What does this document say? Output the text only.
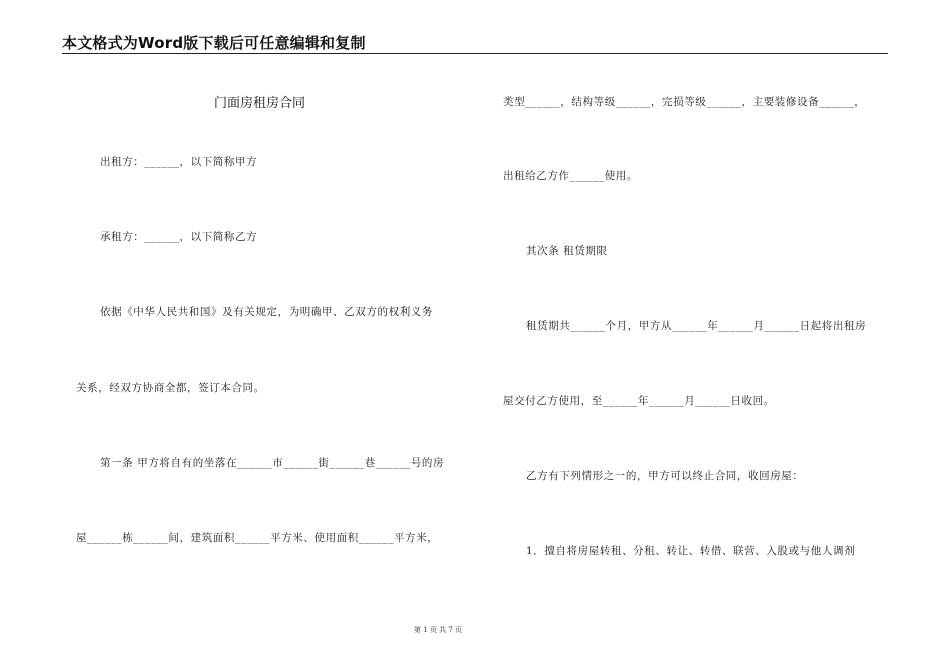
本文格式为Word版下载后可任意编辑和复制
门面房租房合同
出租方：______，以下简称甲方
承租方：______，以下简称乙方
依据《中华人民共和国》及有关规定，为明确甲、乙双方的权利义务
关系，经双方协商全都，签订本合同。
第一条 甲方将自有的坐落在______市______街______巷______号的房
屋______栋______间，建筑面积______平方米、使用面积______平方米，
类型______，结构等级______，完损等级______，主要装修设备______，
出租给乙方作______使用。
其次条 租赁期限
租赁期共______个月，甲方从______年______月______日起将出租房
屋交付乙方使用，至______年______月______日收回。
乙方有下列情形之一的，甲方可以终止合同，收回房屋：
1．擅自将房屋转租、分租、转让、转借、联营、入股或与他人调剂
第 1 页 共 7 页
